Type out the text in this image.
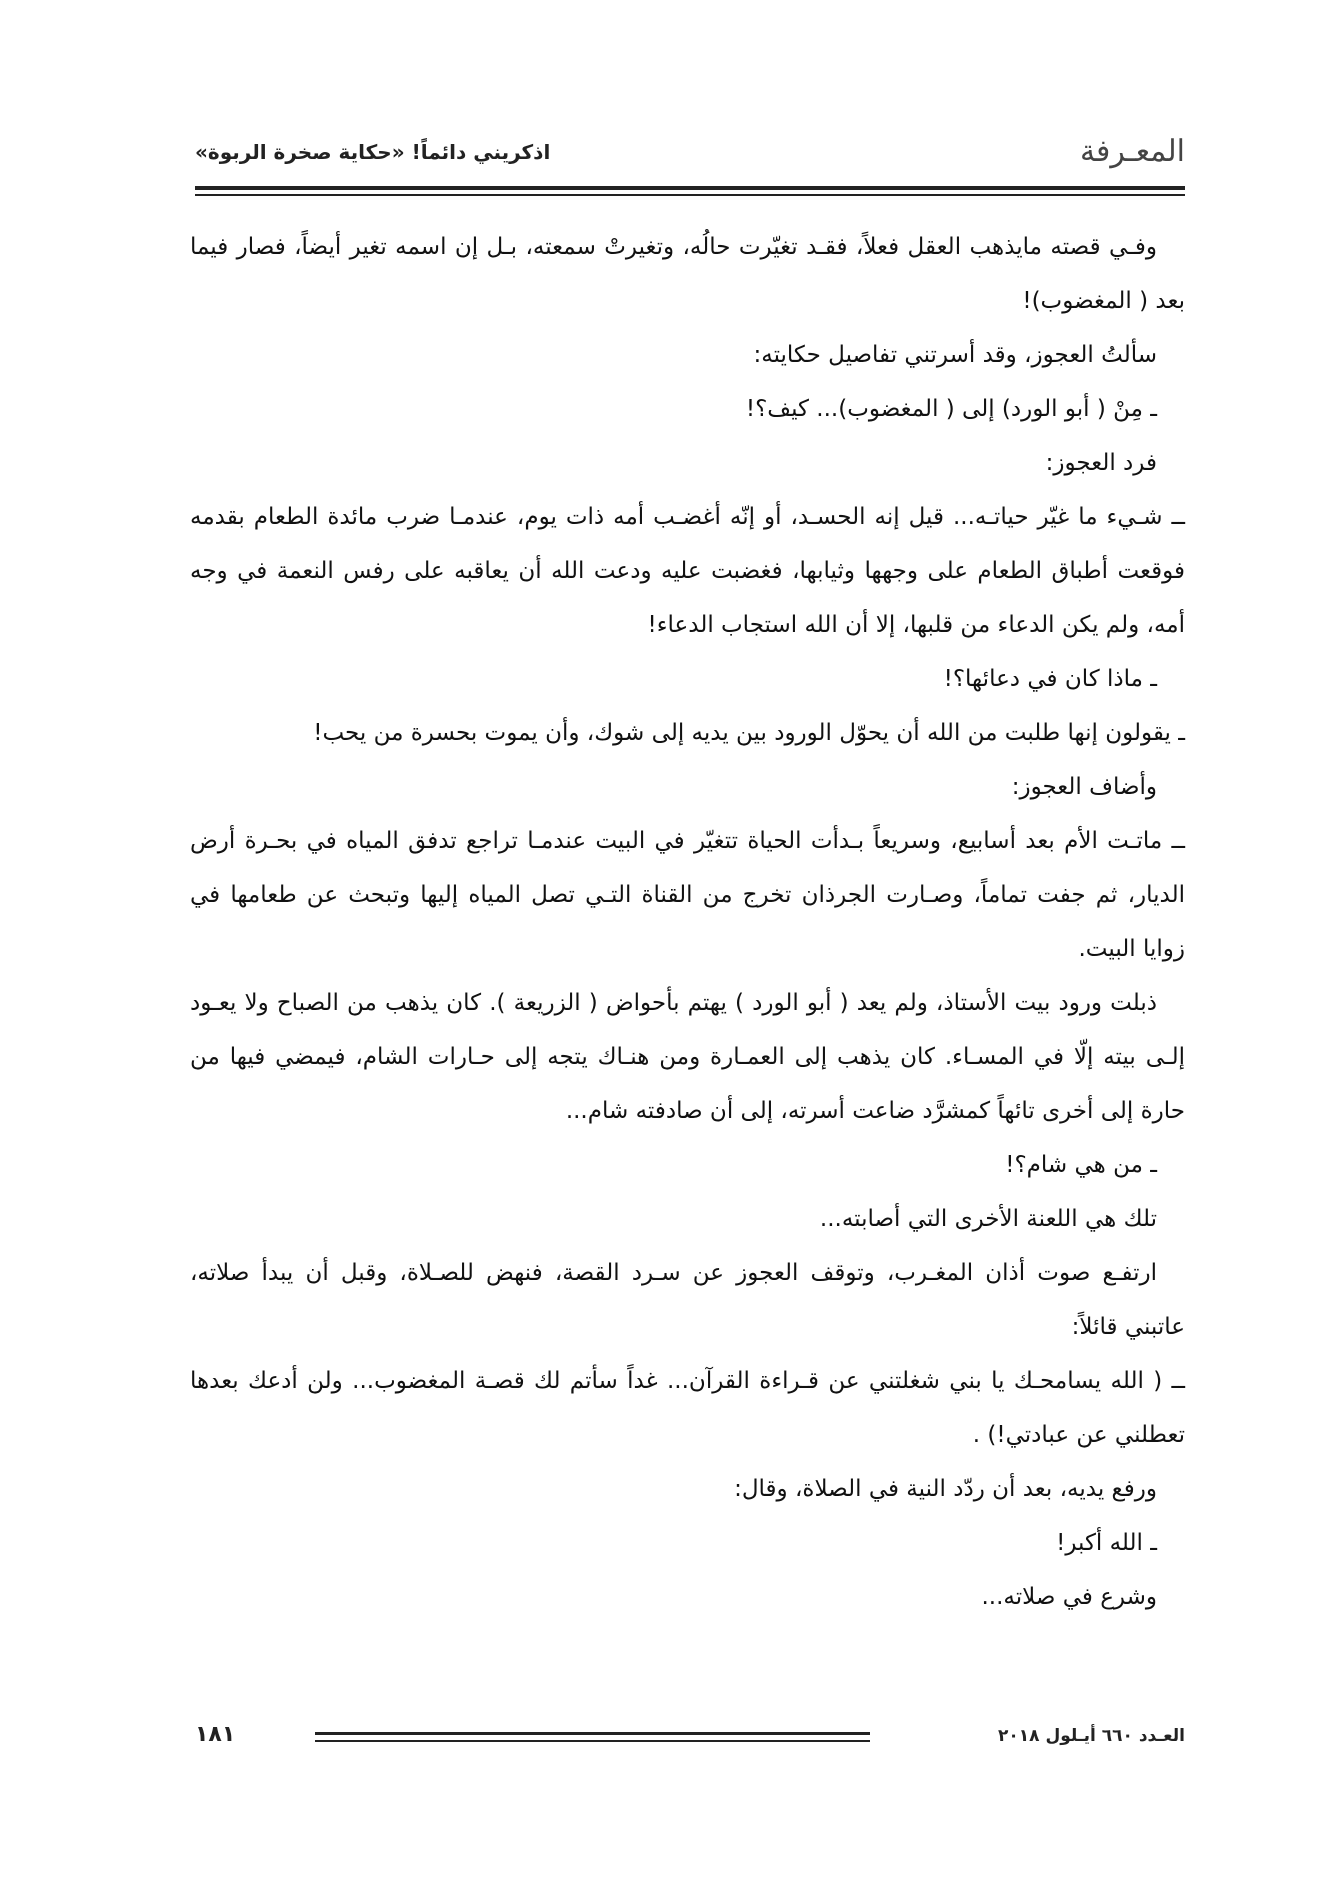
المعـرفة
اذكريني دائماً! «حكاية صخرة الربوة»

وفـي قصته مايذهب العقل فعلاً، فقـد تغيّرت حالُه، وتغيرتْ سمعته، بـل إن اسمه تغير أيضاً، فصار فيما بعد ( المغضوب)!

سألتُ العجوز، وقد أسرتني تفاصيل حكايته:

ـ مِنْ ( أبو الورد) إلى ( المغضوب)... كيف؟!

فرد العجوز:

ــ شـيء ما غيّر حياتـه... قيل إنه الحسـد، أو إنّه أغضـب أمه ذات يوم، عندمـا ضرب مائدة الطعام بقدمه فوقعت أطباق الطعام على وجهها وثيابها، فغضبت عليه ودعت الله أن يعاقبه على رفس النعمة في وجه أمه، ولم يكن الدعاء من قلبها، إلا أن الله استجاب الدعاء!

ـ ماذا كان في دعائها؟!

ـ يقولون إنها طلبت من الله أن يحوّل الورود بين يديه إلى شوك، وأن يموت بحسرة من يحب!

وأضاف العجوز:

ــ ماتـت الأم بعد أسابيع، وسريعاً بـدأت الحياة تتغيّر في البيت عندمـا تراجع تدفق المياه في بحـرة أرض الديار، ثم جفت تماماً، وصـارت الجرذان تخرج من القناة التـي تصل المياه إليها وتبحث عن طعامها في زوايا البيت.

ذبلت ورود بيت الأستاذ، ولم يعد ( أبو الورد ) يهتم بأحواض ( الزريعة ). كان يذهب من الصباح ولا يعـود إلـى بيته إلّا في المسـاء. كان يذهب إلى العمـارة ومن هنـاك يتجه إلى حـارات الشام، فيمضي فيها من حارة إلى أخرى تائهاً كمشرَّد ضاعت أسرته، إلى أن صادفته شام...

ـ من هي شام؟!

تلك هي اللعنة الأخرى التي أصابته...

ارتفـع صوت أذان المغـرب، وتوقف العجوز عن سـرد القصة، فنهض للصـلاة، وقبل أن يبدأ صلاته، عاتبني قائلاً:

ــ ( الله يسامحـك يا بني شغلتني عن قـراءة القرآن... غداً سأتم لك قصـة المغضوب... ولن أدعك بعدها تعطلني عن عبادتي!) .

ورفع يديه، بعد أن ردّد النية في الصلاة، وقال:

ـ الله أكبر!

وشرع في صلاته...

العـدد ٦٦٠ أيـلول ٢٠١٨
١٨١
